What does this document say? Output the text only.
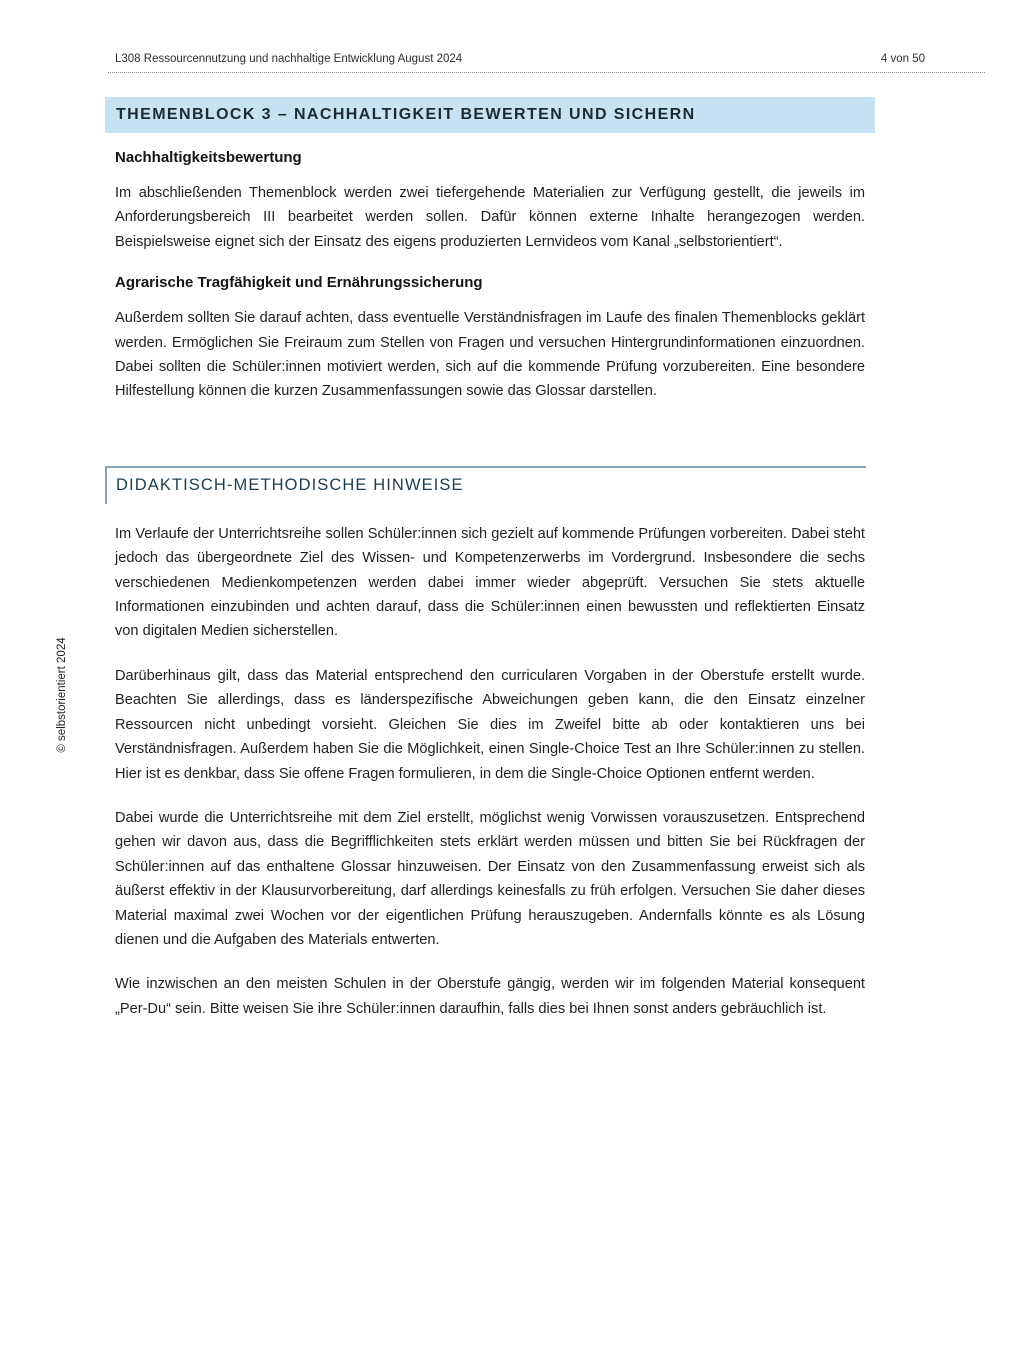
L308 Ressourcennutzung und nachhaltige Entwicklung August 2024	4 von 50
THEMENBLOCK 3 – NACHHALTIGKEIT BEWERTEN UND SICHERN
© selbstorientiert 2024
Nachhaltigkeitsbewertung

Im abschließenden Themenblock werden zwei tiefergehende Materialien zur Verfügung gestellt, die jeweils im Anforderungsbereich III bearbeitet werden sollen. Dafür können externe Inhalte herangezogen werden. Beispielsweise eignet sich der Einsatz des eigens produzierten Lernvideos vom Kanal „selbstorientiert“.

Agrarische Tragfähigkeit und Ernährungssicherung

Außerdem sollten Sie darauf achten, dass eventuelle Verständnisfragen im Laufe des finalen Themenblocks geklärt werden. Ermöglichen Sie Freiraum zum Stellen von Fragen und versuchen Hintergrundinformationen einzuordnen. Dabei sollten die Schüler:innen motiviert werden, sich auf die kommende Prüfung vorzubereiten. Eine besondere Hilfestellung können die kurzen Zusammenfassungen sowie das Glossar darstellen.

DIDAKTISCH-METHODISCHE HINWEISE

Im Verlaufe der Unterrichtsreihe sollen Schüler:innen sich gezielt auf kommende Prüfungen vorbereiten. Dabei steht jedoch das übergeordnete Ziel des Wissen- und Kompetenzerwerbs im Vordergrund. Insbesondere die sechs verschiedenen Medienkompetenzen werden dabei immer wieder abgeprüft. Versuchen Sie stets aktuelle Informationen einzubinden und achten darauf, dass die Schüler:innen einen bewussten und reflektierten Einsatz von digitalen Medien sicherstellen.

Darüberhinaus gilt, dass das Material entsprechend den curricularen Vorgaben in der Oberstufe erstellt wurde. Beachten Sie allerdings, dass es länderspezifische Abweichungen geben kann, die den Einsatz einzelner Ressourcen nicht unbedingt vorsieht. Gleichen Sie dies im Zweifel bitte ab oder kontaktieren uns bei Verständnisfragen. Außerdem haben Sie die Möglichkeit, einen Single-Choice Test an Ihre Schüler:innen zu stellen. Hier ist es denkbar, dass Sie offene Fragen formulieren, in dem die Single-Choice Optionen entfernt werden.

Dabei wurde die Unterrichtsreihe mit dem Ziel erstellt, möglichst wenig Vorwissen vorauszusetzen. Entsprechend gehen wir davon aus, dass die Begrifflichkeiten stets erklärt werden müssen und bitten Sie bei Rückfragen der Schüler:innen auf das enthaltene Glossar hinzuweisen. Der Einsatz von den Zusammenfassung erweist sich als äußerst effektiv in der Klausurvorbereitung, darf allerdings keinesfalls zu früh erfolgen. Versuchen Sie daher dieses Material maximal zwei Wochen vor der eigentlichen Prüfung herauszugeben. Andernfalls könnte es als Lösung dienen und die Aufgaben des Materials entwerten.

Wie inzwischen an den meisten Schulen in der Oberstufe gängig, werden wir im folgenden Material konsequent „Per-Du“ sein. Bitte weisen Sie ihre Schüler:innen daraufhin, falls dies bei Ihnen sonst anders gebräuchlich ist.
